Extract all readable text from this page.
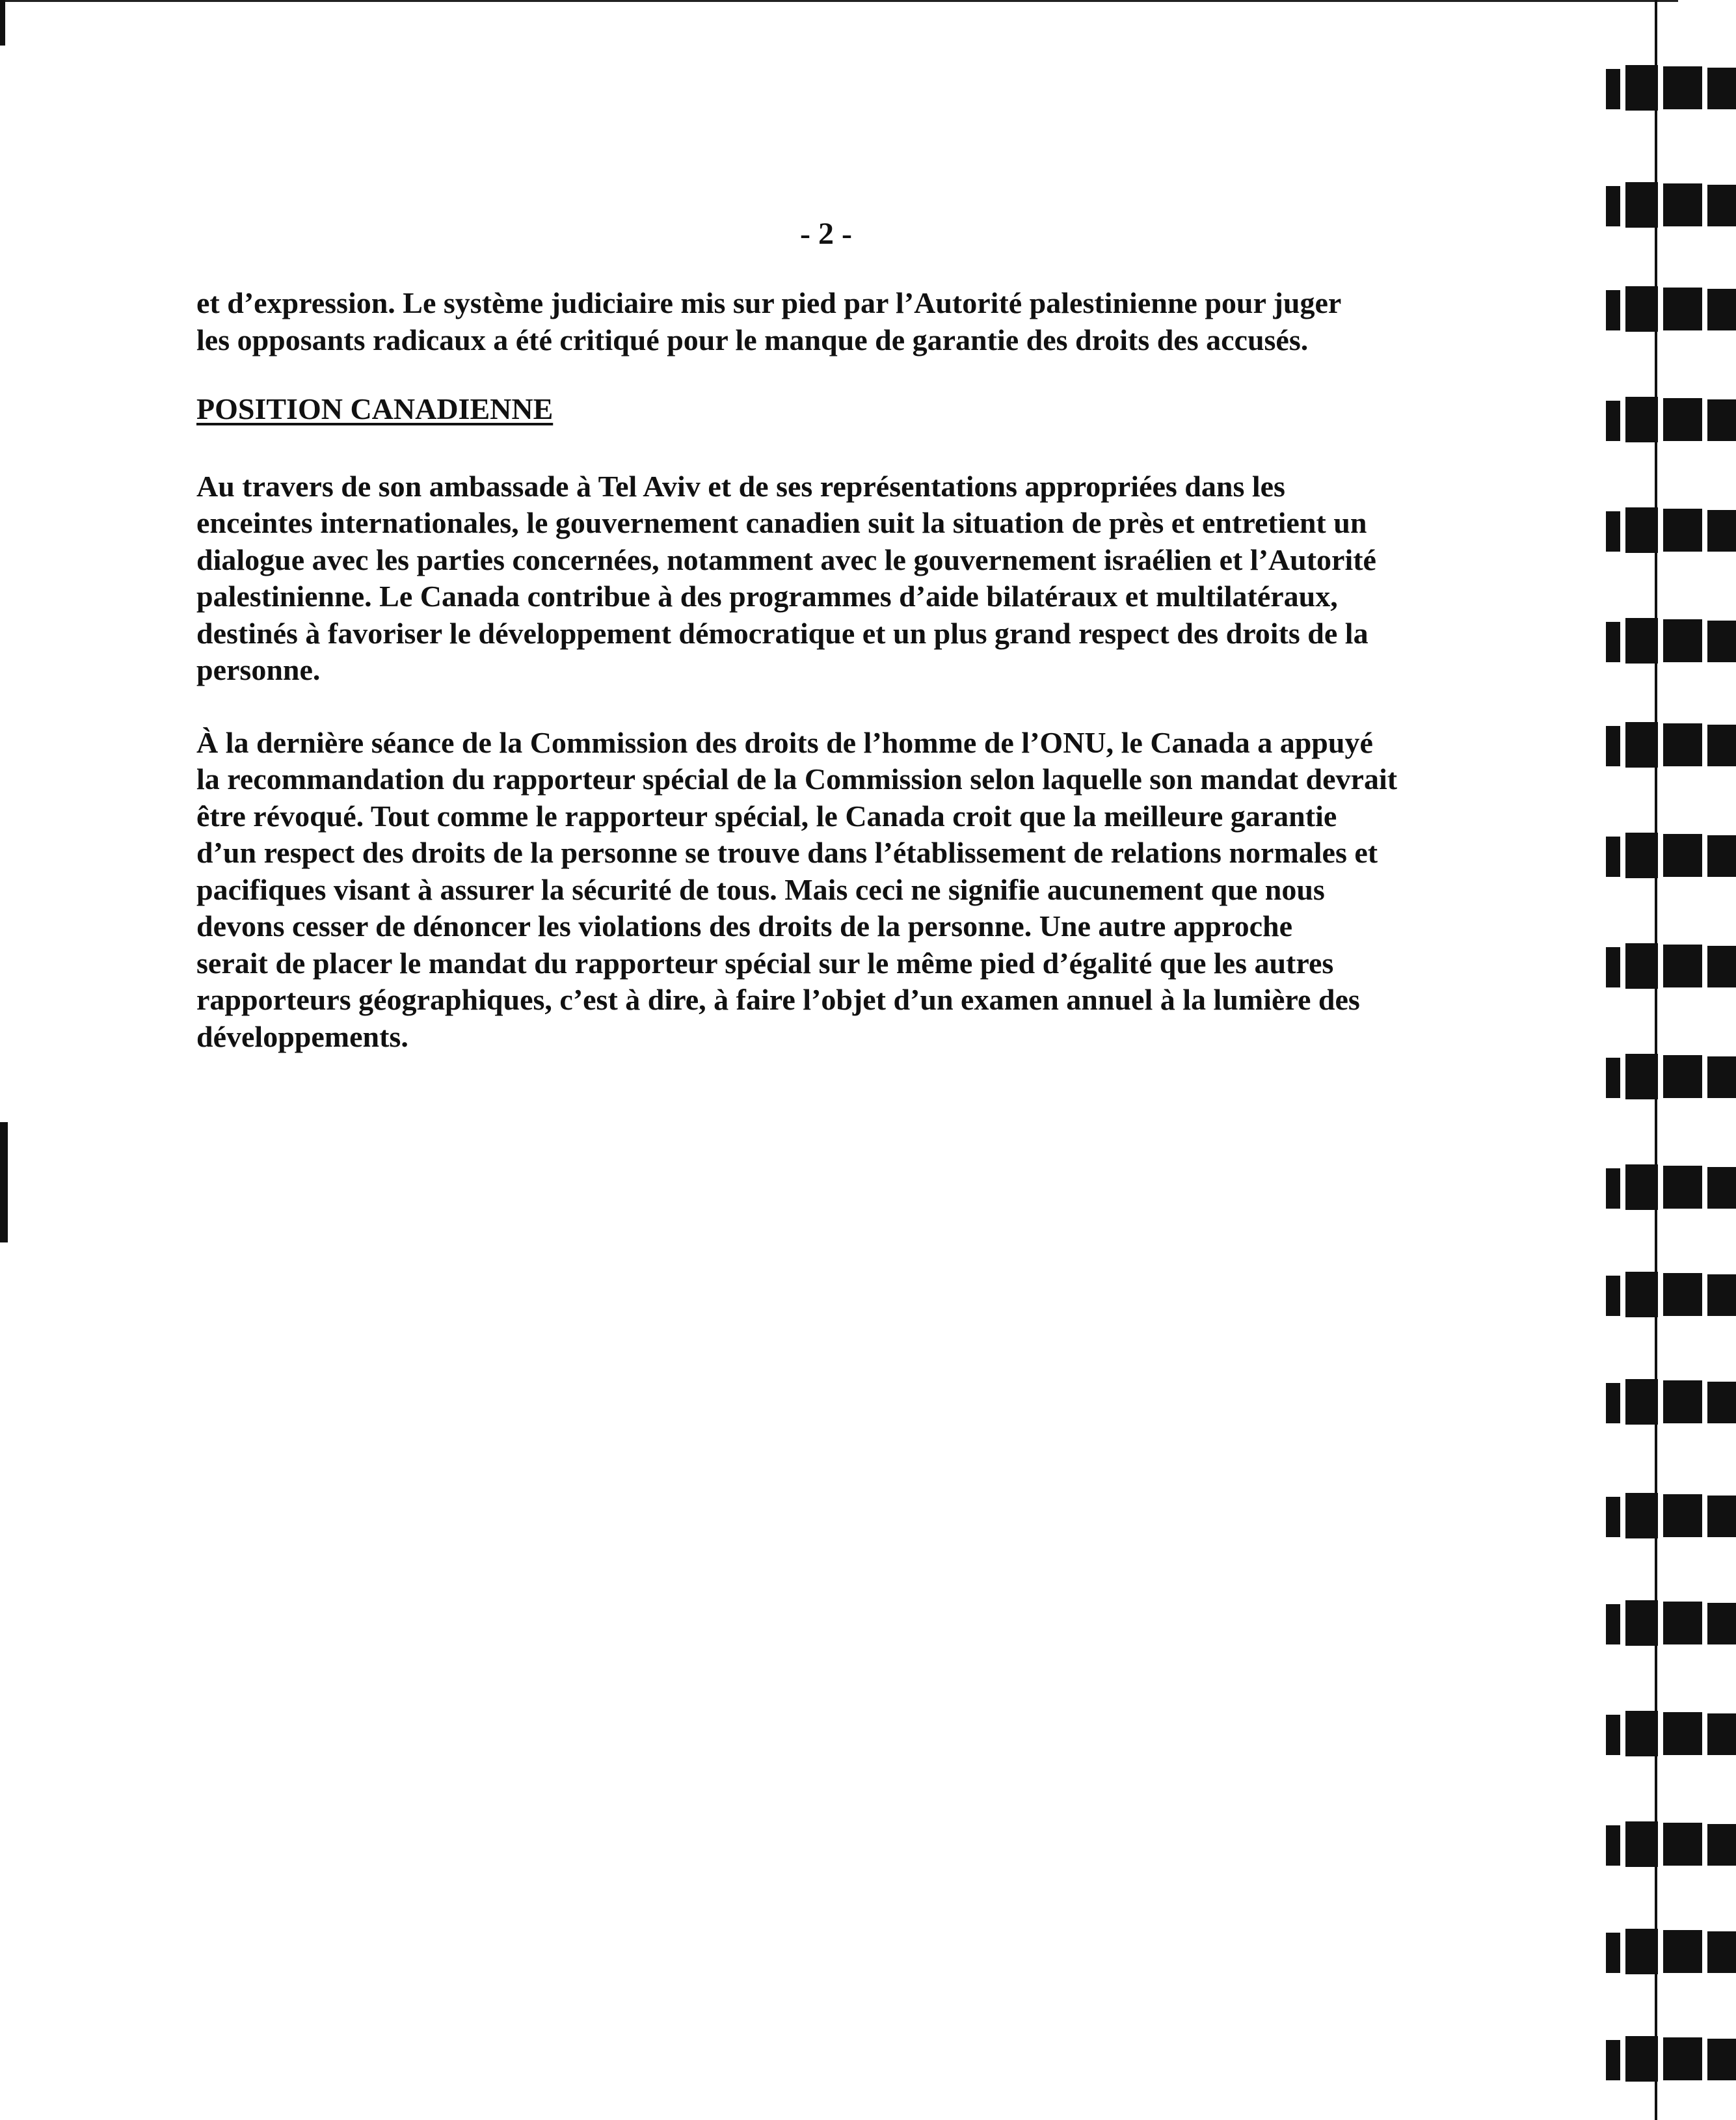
- 2 -

et d’expression. Le système judiciaire mis sur pied par l’Autorité palestinienne pour juger

les opposants radicaux a été critiqué pour le manque de garantie des droits des accusés.

POSITION CANADIENNE

Au travers de son ambassade à Tel Aviv et de ses représentations appropriées dans les

enceintes internationales, le gouvernement canadien suit la situation de près et entretient un

dialogue avec les parties concernées, notamment avec le gouvernement israélien et l’Autorité

palestinienne. Le Canada contribue à des programmes d’aide bilatéraux et multilatéraux,

destinés à favoriser le développement démocratique et un plus grand respect des droits de la

personne.

À la dernière séance de la Commission des droits de l’homme de l’ONU, le Canada a appuyé

la recommandation du rapporteur spécial de la Commission selon laquelle son mandat devrait

être révoqué. Tout comme le rapporteur spécial, le Canada croit que la meilleure garantie

d’un respect des droits de la personne se trouve dans l’établissement de relations normales et

pacifiques visant à assurer la sécurité de tous. Mais ceci ne signifie aucunement que nous

devons cesser de dénoncer les violations des droits de la personne. Une autre approche

serait de placer le mandat du rapporteur spécial sur le même pied d’égalité que les autres

rapporteurs géographiques, c’est à dire, à faire l’objet d’un examen annuel à la lumière des

développements.
